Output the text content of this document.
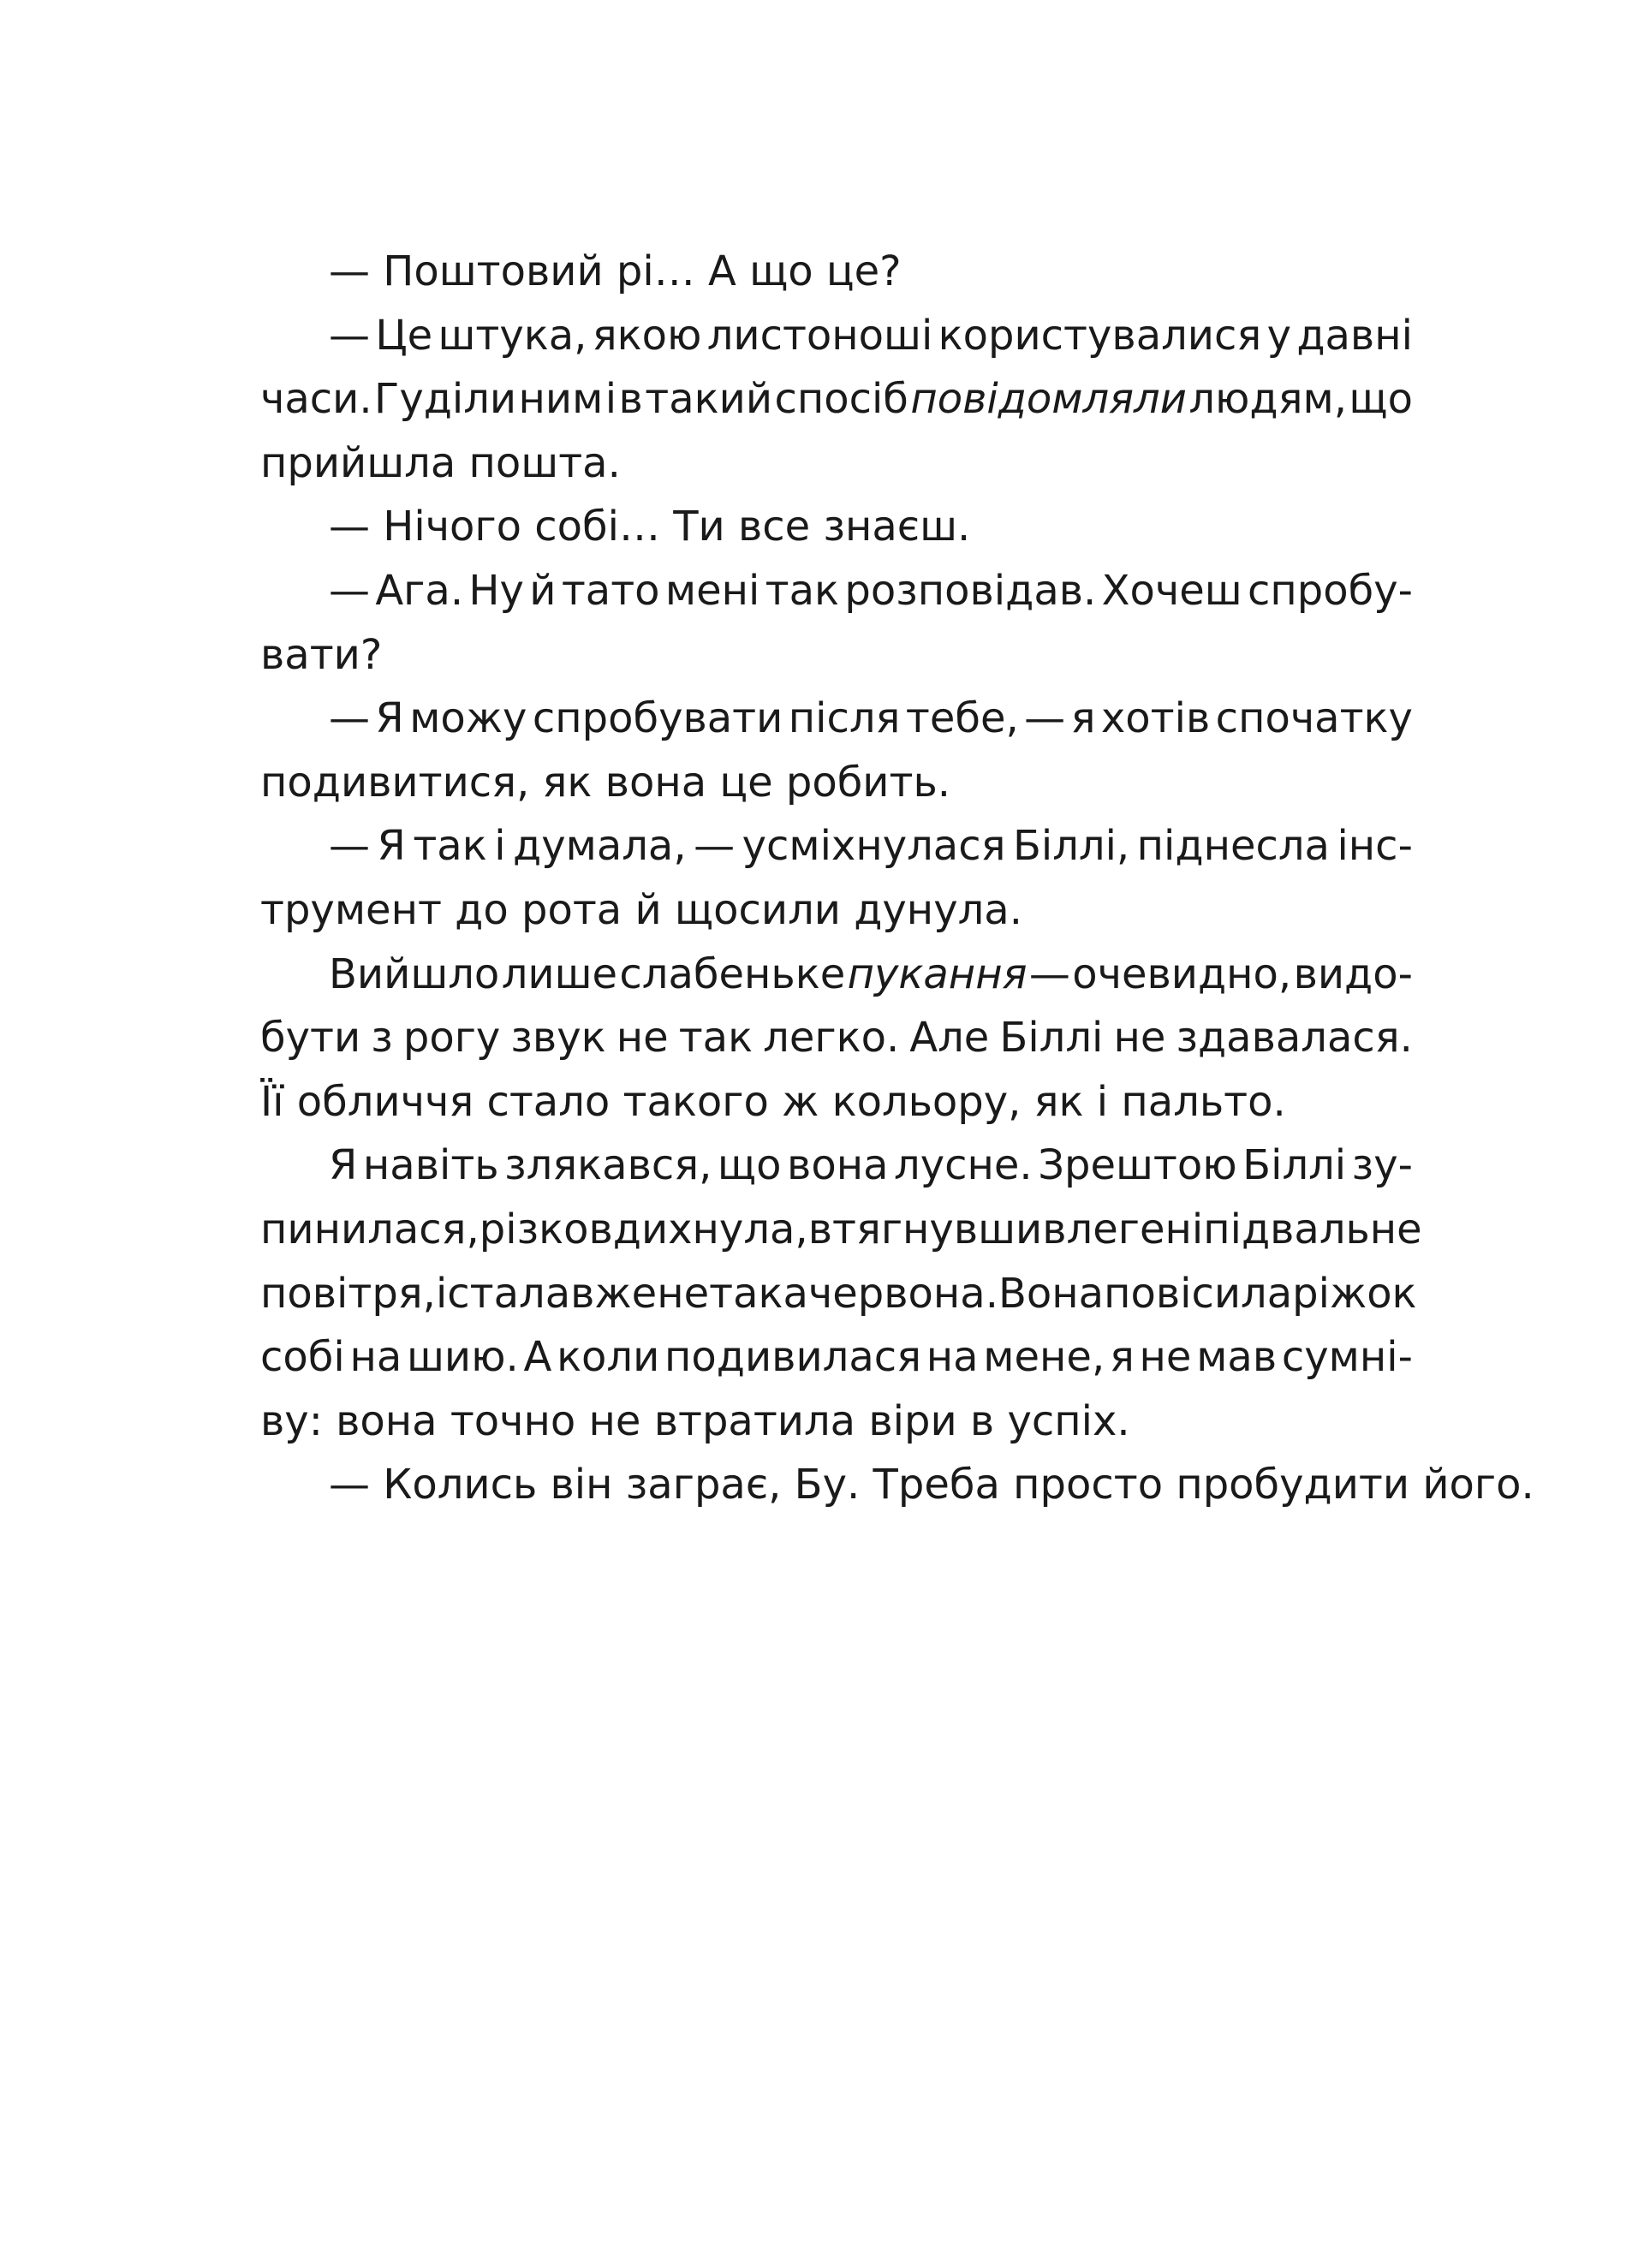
— Поштовий рі… А що це?
— Це штука, якою листоноші користувалися у давні
часи. Гуділи ним і в такий спосіб повідомляли людям, що
прийшла пошта.
— Нічого собі… Ти все знаєш.
— Ага. Ну й тато мені так розповідав. Хочеш спробу-
вати?
— Я можу спробувати після тебе, — я хотів спочатку
подивитися, як вона це робить.
— Я так і думала, — усміхнулася Біллі, піднесла інс-
трумент до рота й щосили дунула.
Вийшло лише слабеньке пукання — очевидно, видо-
бути з рогу звук не так легко. Але Біллі не здавалася.
Її обличчя стало такого ж кольору, як і пальто.
Я навіть злякався, що вона лусне. Зрештою Біллі зу-
пинилася, різко вдихнула, втягнувши в легені підвальне
повітря, і стала вже не така червона. Вона повісила ріжок
собі на шию. А коли подивилася на мене, я не мав сумні-
ву: вона точно не втратила віри в успіх.
— Колись він заграє, Бу. Треба просто пробудити його.
